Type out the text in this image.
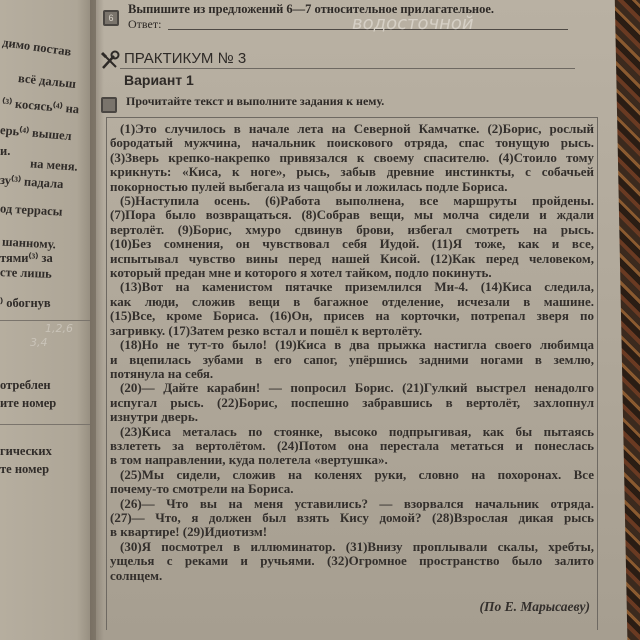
димо постав
всё дальш
⁽³⁾ косясь⁽⁴⁾ на
ерь⁽⁴⁾ вышел
и.
на меня.
зу⁽³⁾ падала
од террасы
шанному.
тями⁽³⁾ за
сте лишь
⁾ обогнув
1,2,6
3,4
отреблен
ите номер
гических
те номер
6
Выпишите из предложений 6—7 относительное прилагательное.
Ответ:	водосточной
ПРАКТИКУМ № 3
Вариант 1
Прочитайте текст и выполните задания к нему.
(1)Это случилось в начале лета на Северной Камчатке. (2)Борис, рослый
бородатый мужчина, начальник поискового отряда, спас тонущую рысь.
(3)Зверь крепко-накрепко привязался к своему спасителю. (4)Стоило тому
крикнуть: «Киса, к ноге», рысь, забыв древние инстинкты, с собачьей
покорностью пулей выбегала из чащобы и ложилась подле Бориса.
(5)Наступила осень. (6)Работа выполнена, все маршруты пройдены.
(7)Пора было возвращаться. (8)Собрав вещи, мы молча сидели и ждали
вертолёт. (9)Борис, хмуро сдвинув брови, избегал смотреть на рысь.
(10)Без сомнения, он чувствовал себя Иудой. (11)Я тоже, как и все,
испытывал чувство вины перед нашей Кисой. (12)Как перед человеком,
который предан мне и которого я хотел тайком, подло покинуть.
(13)Вот на каменистом пятачке приземлился Ми-4. (14)Киса следила,
как люди, сложив вещи в багажное отделение, исчезали в машине.
(15)Все, кроме Бориса. (16)Он, присев на корточки, потрепал зверя по
загривку. (17)Затем резко встал и пошёл к вертолёту.
(18)Но не тут-то было! (19)Киса в два прыжка настигла своего любимца
и вцепилась зубами в его сапог, упёршись задними ногами в землю,
потянула на себя.
(20)— Дайте карабин! — попросил Борис. (21)Гулкий выстрел ненадолго
испугал рысь. (22)Борис, поспешно забравшись в вертолёт, захлопнул
изнутри дверь.
(23)Киса металась по стоянке, высоко подпрыгивая, как бы пытаясь
взлететь за вертолётом. (24)Потом она перестала метаться и понеслась
в том направлении, куда полетела «вертушка».
(25)Мы сидели, сложив на коленях руки, словно на похоронах. Все
почему-то смотрели на Бориса.
(26)— Что вы на меня уставились? — взорвался начальник отряда.
(27)— Что, я должен был взять Кису домой? (28)Взрослая дикая рысь
в квартире! (29)Идиотизм!
(30)Я посмотрел в иллюминатор. (31)Внизу проплывали скалы, хребты,
ущелья с реками и ручьями. (32)Огромное пространство было залито
солнцем.
(По Е. Марысаеву)
